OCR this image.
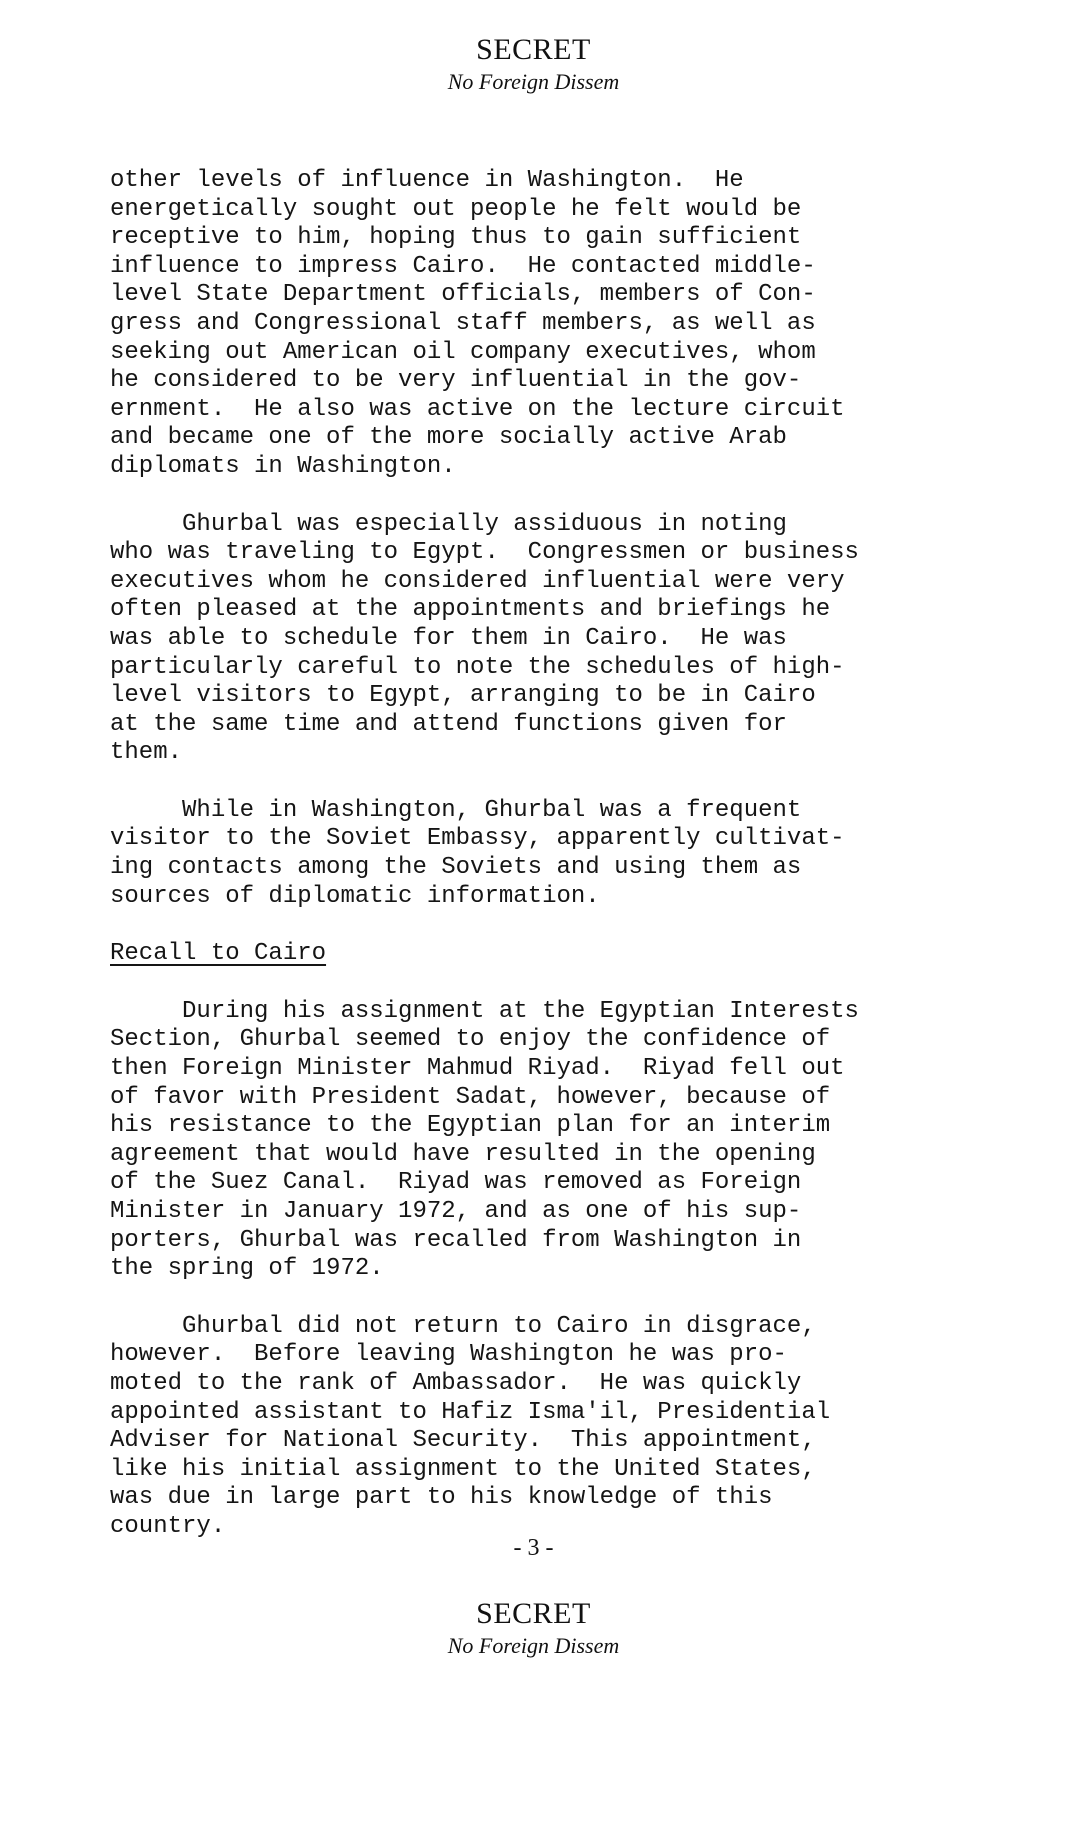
SECRET
No Foreign Dissem

other levels of influence in Washington.  He
energetically sought out people he felt would be
receptive to him, hoping thus to gain sufficient
influence to impress Cairo.  He contacted middle-
level State Department officials, members of Con-
gress and Congressional staff members, as well as
seeking out American oil company executives, whom
he considered to be very influential in the gov-
ernment.  He also was active on the lecture circuit
and became one of the more socially active Arab
diplomats in Washington.

Ghurbal was especially assiduous in noting
who was traveling to Egypt.  Congressmen or business
executives whom he considered influential were very
often pleased at the appointments and briefings he
was able to schedule for them in Cairo.  He was
particularly careful to note the schedules of high-
level visitors to Egypt, arranging to be in Cairo
at the same time and attend functions given for
them.

While in Washington, Ghurbal was a frequent
visitor to the Soviet Embassy, apparently cultivat-
ing contacts among the Soviets and using them as
sources of diplomatic information.

Recall to Cairo

During his assignment at the Egyptian Interests
Section, Ghurbal seemed to enjoy the confidence of
then Foreign Minister Mahmud Riyad.  Riyad fell out
of favor with President Sadat, however, because of
his resistance to the Egyptian plan for an interim
agreement that would have resulted in the opening
of the Suez Canal.  Riyad was removed as Foreign
Minister in January 1972, and as one of his sup-
porters, Ghurbal was recalled from Washington in
the spring of 1972.

Ghurbal did not return to Cairo in disgrace,
however.  Before leaving Washington he was pro-
moted to the rank of Ambassador.  He was quickly
appointed assistant to Hafiz Isma'il, Presidential
Adviser for National Security.  This appointment,
like his initial assignment to the United States,
was due in large part to his knowledge of this
country.

- 3 -
SECRET
No Foreign Dissem
